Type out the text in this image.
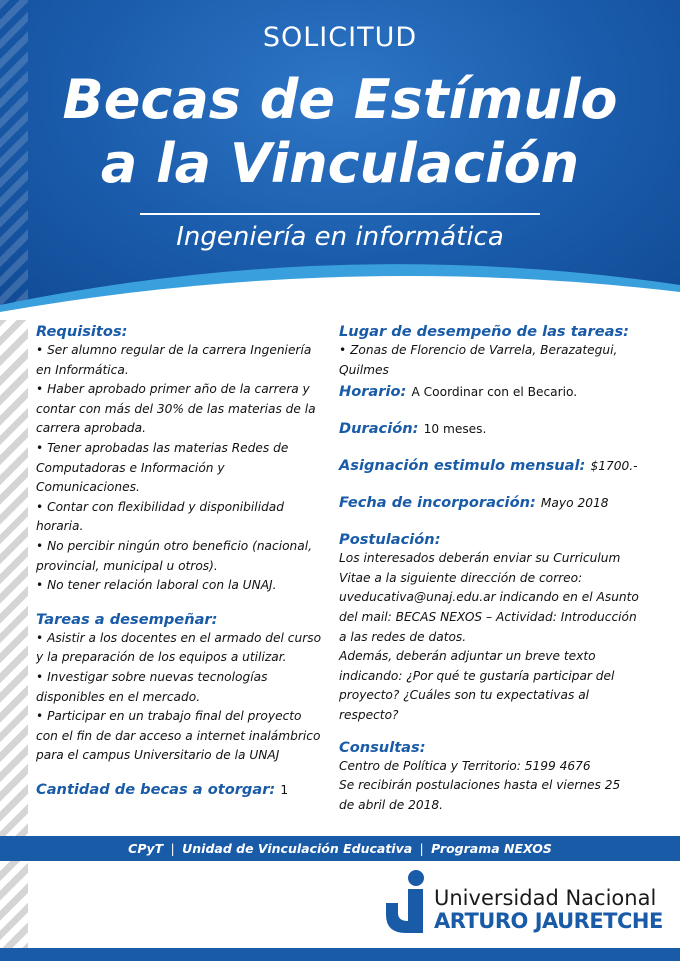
SOLICITUD
Becas de Estímulo
a la Vinculación
Ingeniería en informática

Requisitos:

• Ser alumno regular de la carrera Ingeniería en Informática.

• Haber aprobado primer año de la carrera y contar con más del 30% de las materias de la carrera aprobada.

• Tener aprobadas las materias Redes de Computadoras e Información y Comunicaciones.

• Contar con flexibilidad y disponibilidad horaria.

• No percibir ningún otro beneficio (nacional, provincial, municipal u otros).

• No tener relación laboral con la UNAJ.

Tareas a desempeñar:

• Asistir a los docentes en el armado del curso y la preparación de los equipos a utilizar.

• Investigar sobre nuevas tecnologías disponibles en el mercado.

• Participar en un trabajo final del proyecto con el fin de dar acceso a internet inalámbrico para el campus Universitario de la UNAJ

Cantidad de becas a otorgar: 1

Lugar de desempeño de las tareas:

• Zonas de Florencio de Varrela, Berazategui, Quilmes

Horario: A Coordinar con el Becario.

Duración: 10 meses.

Asignación estimulo mensual: $1700.-

Fecha de incorporación: Mayo 2018

Postulación:

Los interesados deberán enviar su Curriculum Vitae a la siguiente dirección de correo: uveducativa@unaj.edu.ar indicando en el Asunto del mail: BECAS NEXOS – Actividad: Introducción a las redes de datos.

Además, deberán adjuntar un breve texto indicando: ¿Por qué te gustaría participar del proyecto? ¿Cuáles son tu expectativas al respecto?

Consultas:

Centro de Política y Territorio: 5199 4676

Se recibirán postulaciones hasta el viernes 25 de abril de 2018.

CPyT | Unidad de Vinculación Educativa | Programa NEXOS
Universidad Nacional
ARTURO JAURETCHE
